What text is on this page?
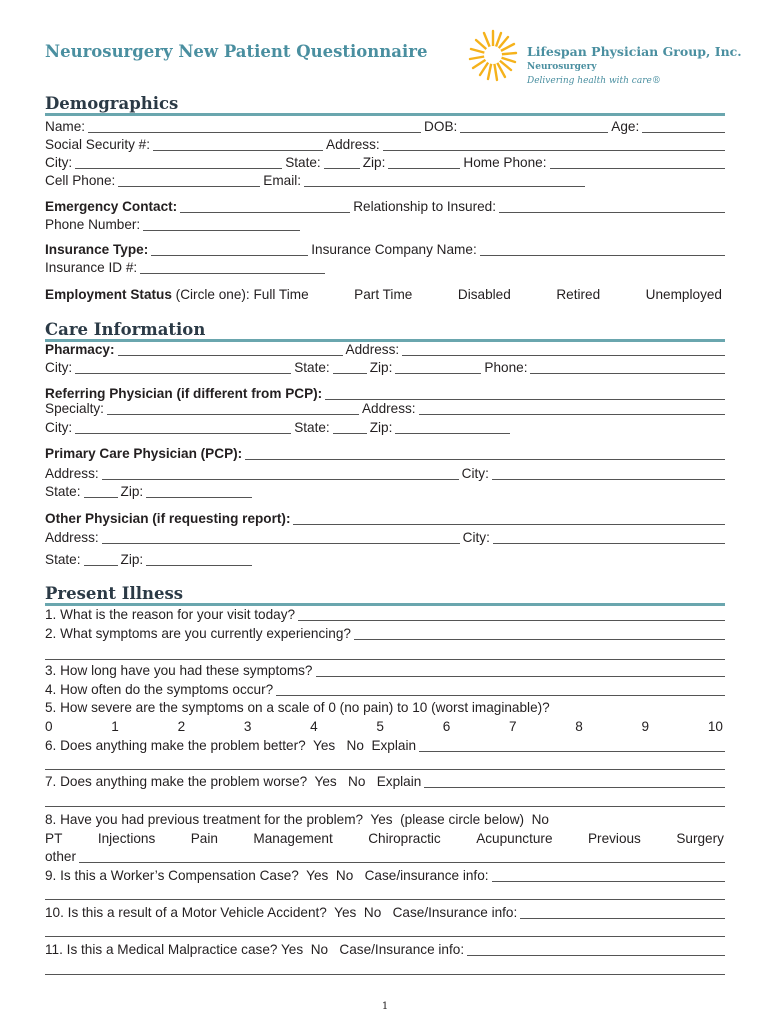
Neurosurgery New Patient Questionnaire	Lifespan Physician Group, Inc.
Neurosurgery
Delivering health with care®
Demographics
Name:	DOB:	Age:
Social Security #:	Address:
City:	State:	Zip:	Home Phone:
Cell Phone:	Email:
Emergency Contact:	Relationship to Insured:
Phone Number:
Insurance Type:	Insurance Company Name:
Insurance ID #:
Employment Status (Circle one): Full Time	Part Time	Disabled	Retired	Unemployed
Care Information
Pharmacy:	Address:
City:	State:	Zip:	Phone:
Referring Physician (if different from PCP):
Specialty:	Address:
City:	State:	Zip:
Primary Care Physician (PCP):
Address:	City:
State:	Zip:
Other Physician (if requesting report):
Address:	City:
State:	Zip:
Present Illness
1. What is the reason for your visit today?
2. What symptoms are you currently experiencing?
3. How long have you had these symptoms?
4. How often do the symptoms occur?
5. How severe are the symptoms on a scale of 0 (no pain) to 10 (worst imaginable)?
0	1	2	3	4	5	6	7	8	9	10
6. Does anything make the problem better?  Yes   No  Explain
7. Does anything make the problem worse?  Yes   No   Explain
8. Have you had previous treatment for the problem?  Yes  (please circle below)  No
PT	Injections	Pain	Management	Chiropractic	Acupuncture	Previous	Surgery
other
9. Is this a Worker’s Compensation Case?  Yes  No   Case/insurance info:
10. Is this a result of a Motor Vehicle Accident?  Yes  No   Case/Insurance info:
11. Is this a Medical Malpractice case? Yes  No   Case/Insurance info:
1
